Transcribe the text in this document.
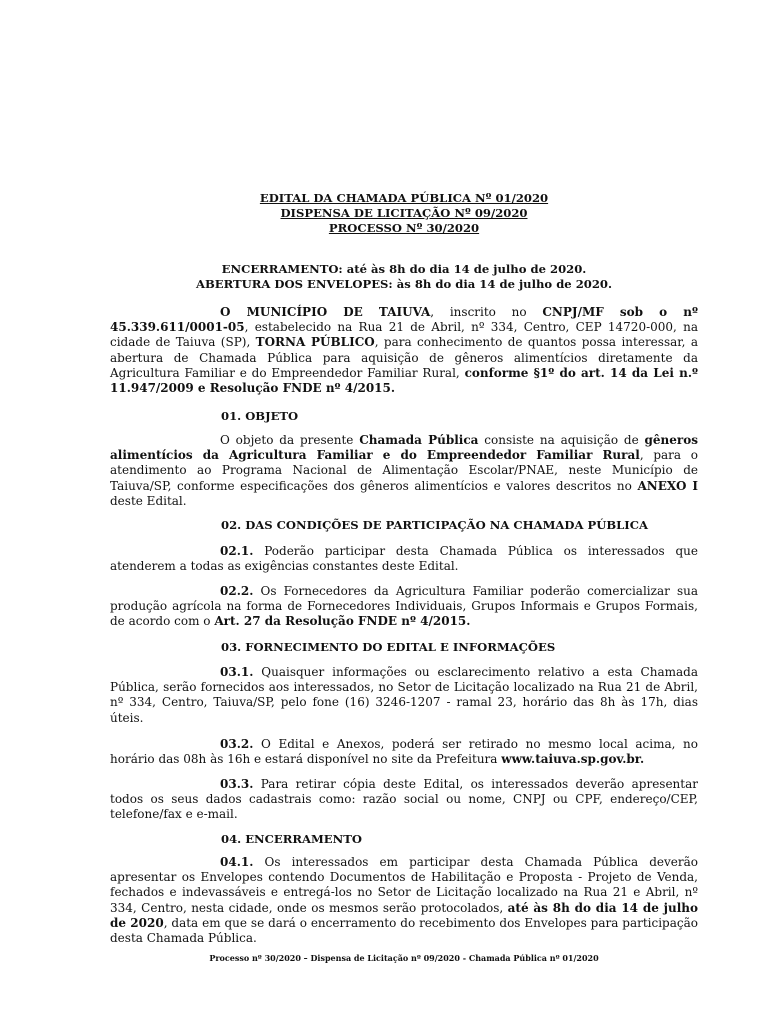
EDITAL DA CHAMADA PÚBLICA Nº 01/2020
DISPENSA DE LICITAÇÃO Nº 09/2020
PROCESSO Nº 30/2020
ENCERRAMENTO: até às 8h do dia 14 de julho de 2020.
ABERTURA DOS ENVELOPES: às 8h do dia 14 de julho de 2020.

O MUNICÍPIO DE TAIUVA, inscrito no CNPJ/MF sob o nº 45.339.611/0001-05, estabelecido na Rua 21 de Abril, nº 334, Centro, CEP 14720-000, na cidade de Taiuva (SP), TORNA PÚBLICO, para conhecimento de quantos possa interessar, a abertura de Chamada Pública para aquisição de gêneros alimentícios diretamente da Agricultura Familiar e do Empreendedor Familiar Rural, conforme §1º do art. 14 da Lei n.º 11.947/2009 e Resolução FNDE nº 4/2015.

01. OBJETO

O objeto da presente Chamada Pública consiste na aquisição de gêneros alimentícios da Agricultura Familiar e do Empreendedor Familiar Rural, para o atendimento ao Programa Nacional de Alimentação Escolar/PNAE, neste Município de Taiuva/SP, conforme especificações dos gêneros alimentícios e valores descritos no ANEXO I deste Edital.

02. DAS CONDIÇÕES DE PARTICIPAÇÃO NA CHAMADA PÚBLICA

02.1. Poderão participar desta Chamada Pública os interessados que atenderem a todas as exigências constantes deste Edital.

02.2. Os Fornecedores da Agricultura Familiar poderão comercializar sua produção agrícola na forma de Fornecedores Individuais, Grupos Informais e Grupos Formais, de acordo com o Art. 27 da Resolução FNDE nº 4/2015.

03. FORNECIMENTO DO EDITAL E INFORMAÇÕES

03.1. Quaisquer informações ou esclarecimento relativo a esta Chamada Pública, serão fornecidos aos interessados, no Setor de Licitação localizado na Rua 21 de Abril, nº 334, Centro, Taiuva/SP, pelo fone (16) 3246-1207 - ramal 23, horário das 8h às 17h, dias úteis.

03.2. O Edital e Anexos, poderá ser retirado no mesmo local acima, no horário das 08h às 16h e estará disponível no site da Prefeitura www.taiuva.sp.gov.br.

03.3. Para retirar cópia deste Edital, os interessados deverão apresentar todos os seus dados cadastrais como: razão social ou nome, CNPJ ou CPF, endereço/CEP, telefone/fax e e-mail.

04. ENCERRAMENTO

04.1. Os interessados em participar desta Chamada Pública deverão apresentar os Envelopes contendo Documentos de Habilitação e Proposta - Projeto de Venda, fechados e indevassáveis e entregá-los no Setor de Licitação localizado na Rua 21 e Abril, nº 334, Centro, nesta cidade, onde os mesmos serão protocolados, até às 8h do dia 14 de julho de 2020, data em que se dará o encerramento do recebimento dos Envelopes para participação desta Chamada Pública.

Processo nº 30/2020 – Dispensa de Licitação nº 09/2020 - Chamada Pública nº 01/2020
